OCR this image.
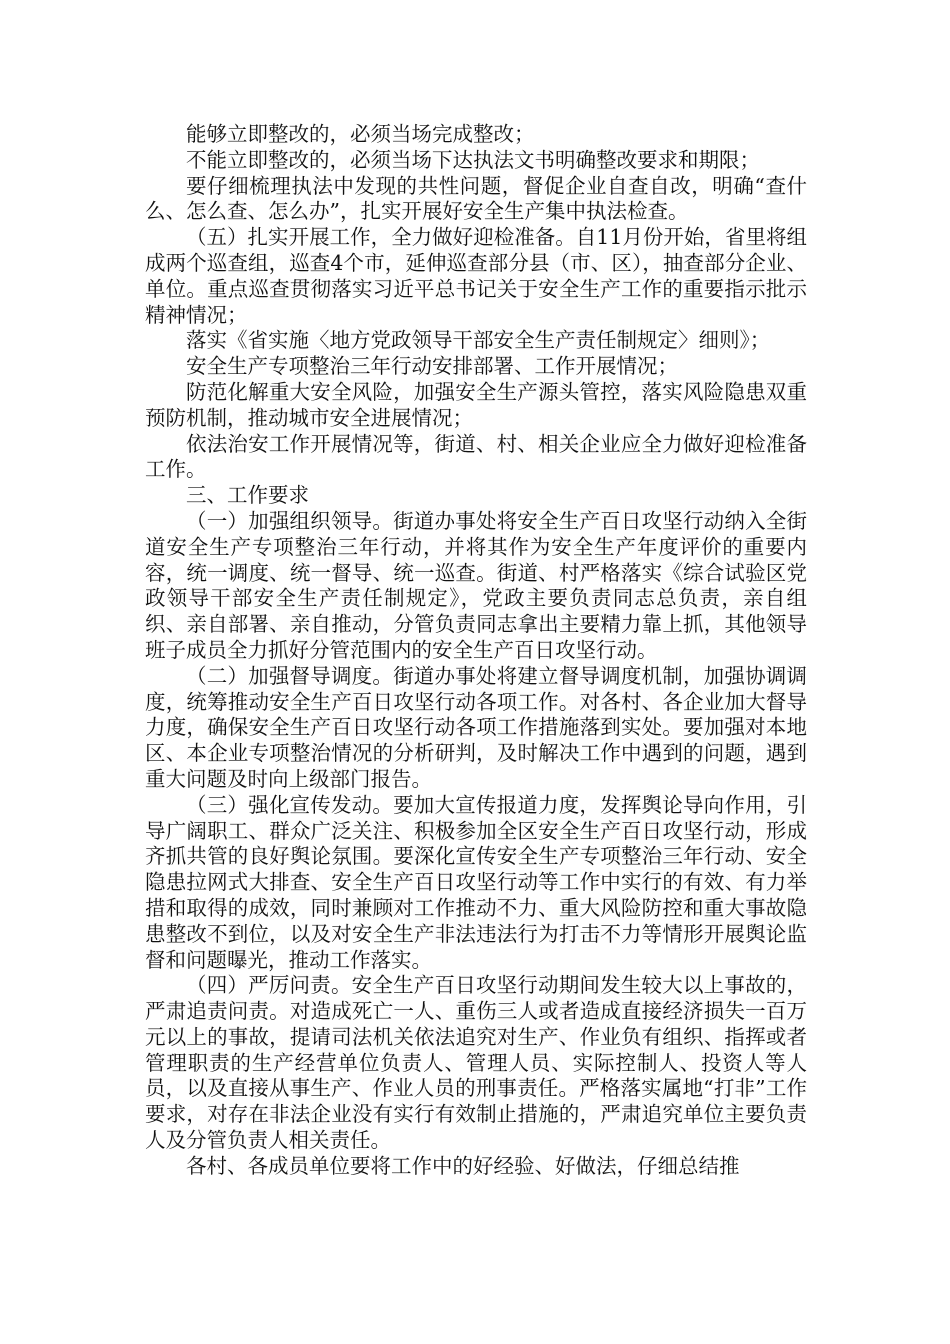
能够立即整改的，必须当场完成整改；

不能立即整改的，必须当场下达执法文书明确整改要求和期限；

要仔细梳理执法中发现的共性问题，督促企业自查自改，明确“查什么、怎么查、怎么办”，扎实开展好安全生产集中执法检查。

（五）扎实开展工作，全力做好迎检准备。自11月份开始，省里将组成两个巡查组，巡查4个市，延伸巡查部分县（市、区），抽查部分企业、单位。重点巡查贯彻落实习近平总书记关于安全生产工作的重要指示批示精神情况；

落实《省实施〈地方党政领导干部安全生产责任制规定〉细则》；

安全生产专项整治三年行动安排部署、工作开展情况；

防范化解重大安全风险，加强安全生产源头管控，落实风险隐患双重预防机制，推动城市安全进展情况；

依法治安工作开展情况等，街道、村、相关企业应全力做好迎检准备工作。

三、工作要求

（一）加强组织领导。街道办事处将安全生产百日攻坚行动纳入全街道安全生产专项整治三年行动，并将其作为安全生产年度评价的重要内容，统一调度、统一督导、统一巡查。街道、村严格落实《综合试验区党政领导干部安全生产责任制规定》，党政主要负责同志总负责，亲自组织、亲自部署、亲自推动，分管负责同志拿出主要精力靠上抓，其他领导班子成员全力抓好分管范围内的安全生产百日攻坚行动。

（二）加强督导调度。街道办事处将建立督导调度机制，加强协调调度，统筹推动安全生产百日攻坚行动各项工作。对各村、各企业加大督导力度，确保安全生产百日攻坚行动各项工作措施落到实处。要加强对本地区、本企业专项整治情况的分析研判，及时解决工作中遇到的问题，遇到重大问题及时向上级部门报告。

（三）强化宣传发动。要加大宣传报道力度，发挥舆论导向作用，引导广阔职工、群众广泛关注、积极参加全区安全生产百日攻坚行动，形成齐抓共管的良好舆论氛围。要深化宣传安全生产专项整治三年行动、安全隐患拉网式大排查、安全生产百日攻坚行动等工作中实行的有效、有力举措和取得的成效，同时兼顾对工作推动不力、重大风险防控和重大事故隐患整改不到位，以及对安全生产非法违法行为打击不力等情形开展舆论监督和问题曝光，推动工作落实。

（四）严厉问责。安全生产百日攻坚行动期间发生较大以上事故的，严肃追责问责。对造成死亡一人、重伤三人或者造成直接经济损失一百万元以上的事故，提请司法机关依法追究对生产、作业负有组织、指挥或者管理职责的生产经营单位负责人、管理人员、实际控制人、投资人等人员，以及直接从事生产、作业人员的刑事责任。严格落实属地“打非”工作要求，对存在非法企业没有实行有效制止措施的，严肃追究单位主要负责人及分管负责人相关责任。

各村、各成员单位要将工作中的好经验、好做法，仔细总结推
